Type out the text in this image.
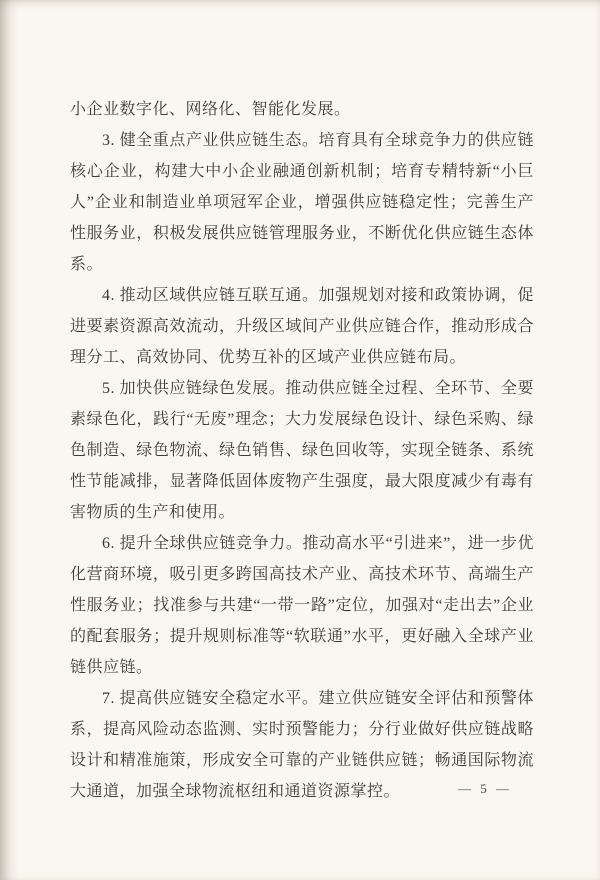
小企业数字化、网络化、智能化发展。

3. 健全重点产业供应链生态。培育具有全球竞争力的供应链核心企业，构建大中小企业融通创新机制；培育专精特新“小巨人”企业和制造业单项冠军企业，增强供应链稳定性；完善生产性服务业，积极发展供应链管理服务业，不断优化供应链生态体系。

4. 推动区域供应链互联互通。加强规划对接和政策协调，促进要素资源高效流动，升级区域间产业供应链合作，推动形成合理分工、高效协同、优势互补的区域产业供应链布局。

5. 加快供应链绿色发展。推动供应链全过程、全环节、全要素绿色化，践行“无废”理念；大力发展绿色设计、绿色采购、绿色制造、绿色物流、绿色销售、绿色回收等，实现全链条、系统性节能减排，显著降低固体废物产生强度，最大限度减少有毒有害物质的生产和使用。

6. 提升全球供应链竞争力。推动高水平“引进来”，进一步优化营商环境，吸引更多跨国高技术产业、高技术环节、高端生产性服务业；找准参与共建“一带一路”定位，加强对“走出去”企业的配套服务；提升规则标准等“软联通”水平，更好融入全球产业链供应链。

7. 提高供应链安全稳定水平。建立供应链安全评估和预警体系，提高风险动态监测、实时预警能力；分行业做好供应链战略设计和精准施策，形成安全可靠的产业链供应链；畅通国际物流大通道，加强全球物流枢纽和通道资源掌控。	— 5 —
